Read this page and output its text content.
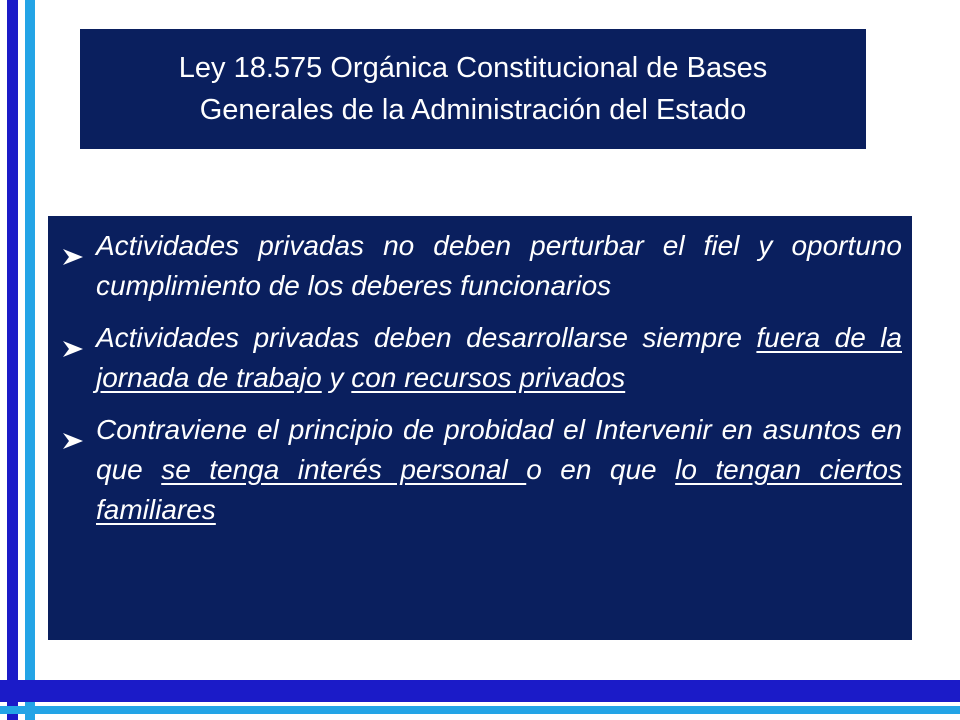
Ley 18.575 Orgánica Constitucional de Bases Generales de la Administración del Estado
Actividades privadas no deben perturbar el fiel y oportuno cumplimiento de los deberes funcionarios
Actividades privadas deben desarrollarse siempre fuera de la jornada de trabajo y con recursos privados
Contraviene el principio de probidad el Intervenir en asuntos en que se tenga interés personal o en que lo tengan ciertos familiares
